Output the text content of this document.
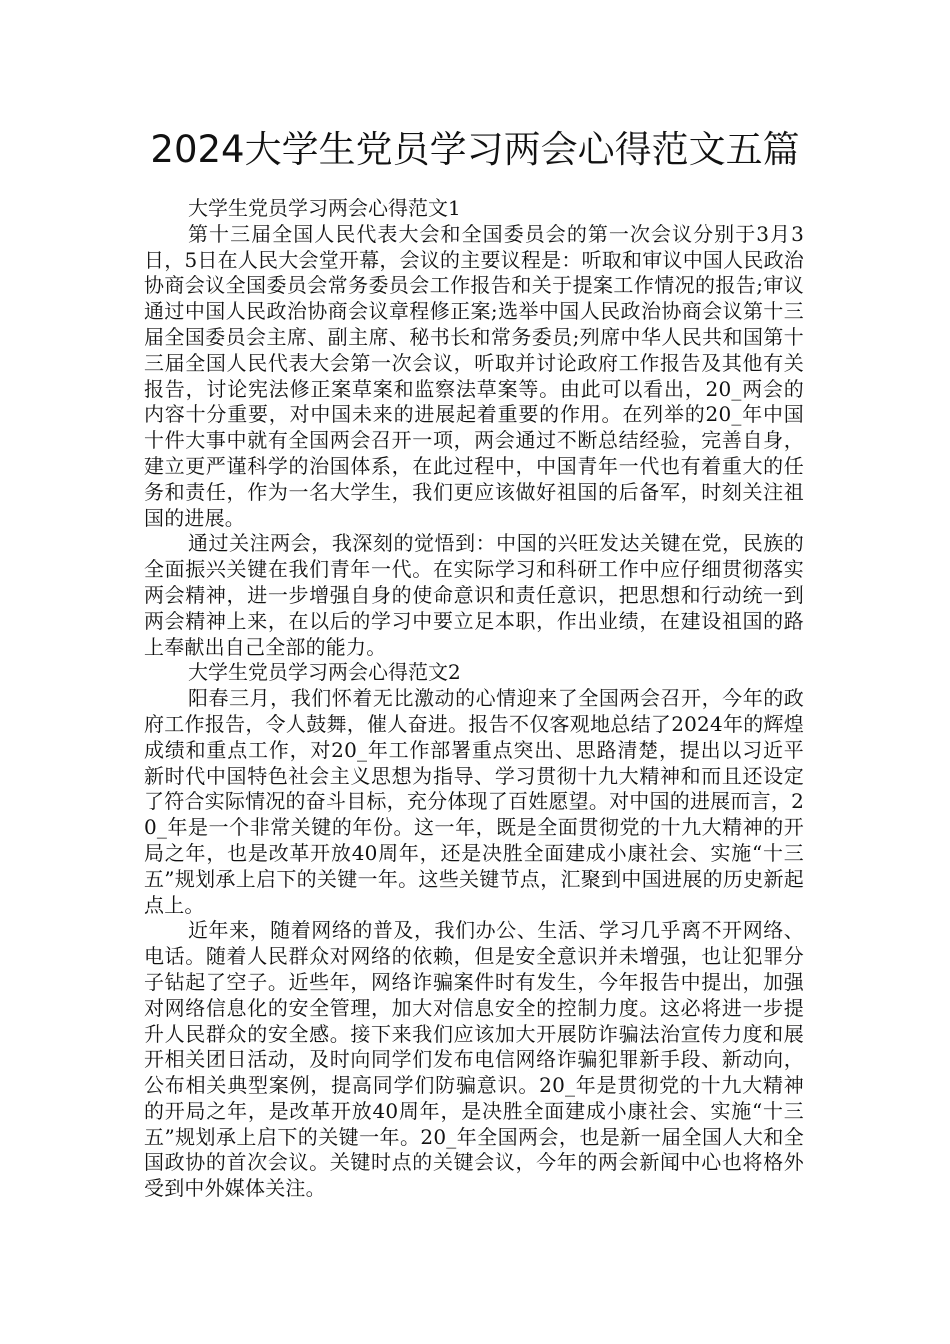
2024大学生党员学习两会心得范文五篇

大学生党员学习两会心得范文1

第十三届全国人民代表大会和全国委员会的第一次会议分别于3月3日，5日在人民大会堂开幕，会议的主要议程是：听取和审议中国人民政治协商会议全国委员会常务委员会工作报告和关于提案工作情况的报告;审议通过中国人民政治协商会议章程修正案;选举中国人民政治协商会议第十三届全国委员会主席、副主席、秘书长和常务委员;列席中华人民共和国第十三届全国人民代表大会第一次会议，听取并讨论政府工作报告及其他有关报告，讨论宪法修正案草案和监察法草案等。由此可以看出，20_两会的内容十分重要，对中国未来的进展起着重要的作用。在列举的20_年中国十件大事中就有全国两会召开一项，两会通过不断总结经验，完善自身，建立更严谨科学的治国体系，在此过程中，中国青年一代也有着重大的任务和责任，作为一名大学生，我们更应该做好祖国的后备军，时刻关注祖国的进展。

通过关注两会，我深刻的觉悟到：中国的兴旺发达关键在党，民族的全面振兴关键在我们青年一代。在实际学习和科研工作中应仔细贯彻落实两会精神，进一步增强自身的使命意识和责任意识，把思想和行动统一到两会精神上来，在以后的学习中要立足本职，作出业绩，在建设祖国的路上奉献出自己全部的能力。

大学生党员学习两会心得范文2

阳春三月，我们怀着无比激动的心情迎来了全国两会召开，今年的政府工作报告，令人鼓舞，催人奋进。报告不仅客观地总结了2024年的辉煌成绩和重点工作，对20_年工作部署重点突出、思路清楚，提出以习近平新时代中国特色社会主义思想为指导、学习贯彻十九大精神和而且还设定了符合实际情况的奋斗目标，充分体现了百姓愿望。对中国的进展而言，20_年是一个非常关键的年份。这一年，既是全面贯彻党的十九大精神的开局之年，也是改革开放40周年，还是决胜全面建成小康社会、实施“十三五”规划承上启下的关键一年。这些关键节点，汇聚到中国进展的历史新起点上。

近年来，随着网络的普及，我们办公、生活、学习几乎离不开网络、电话。随着人民群众对网络的依赖，但是安全意识并未增强，也让犯罪分子钻起了空子。近些年，网络诈骗案件时有发生，今年报告中提出，加强对网络信息化的安全管理，加大对信息安全的控制力度。这必将进一步提升人民群众的安全感。接下来我们应该加大开展防诈骗法治宣传力度和展开相关团日活动，及时向同学们发布电信网络诈骗犯罪新手段、新动向，公布相关典型案例，提高同学们防骗意识。20_年是贯彻党的十九大精神的开局之年，是改革开放40周年，是决胜全面建成小康社会、实施“十三五”规划承上启下的关键一年。20_年全国两会，也是新一届全国人大和全国政协的首次会议。关键时点的关键会议，今年的两会新闻中心也将格外受到中外媒体关注。
